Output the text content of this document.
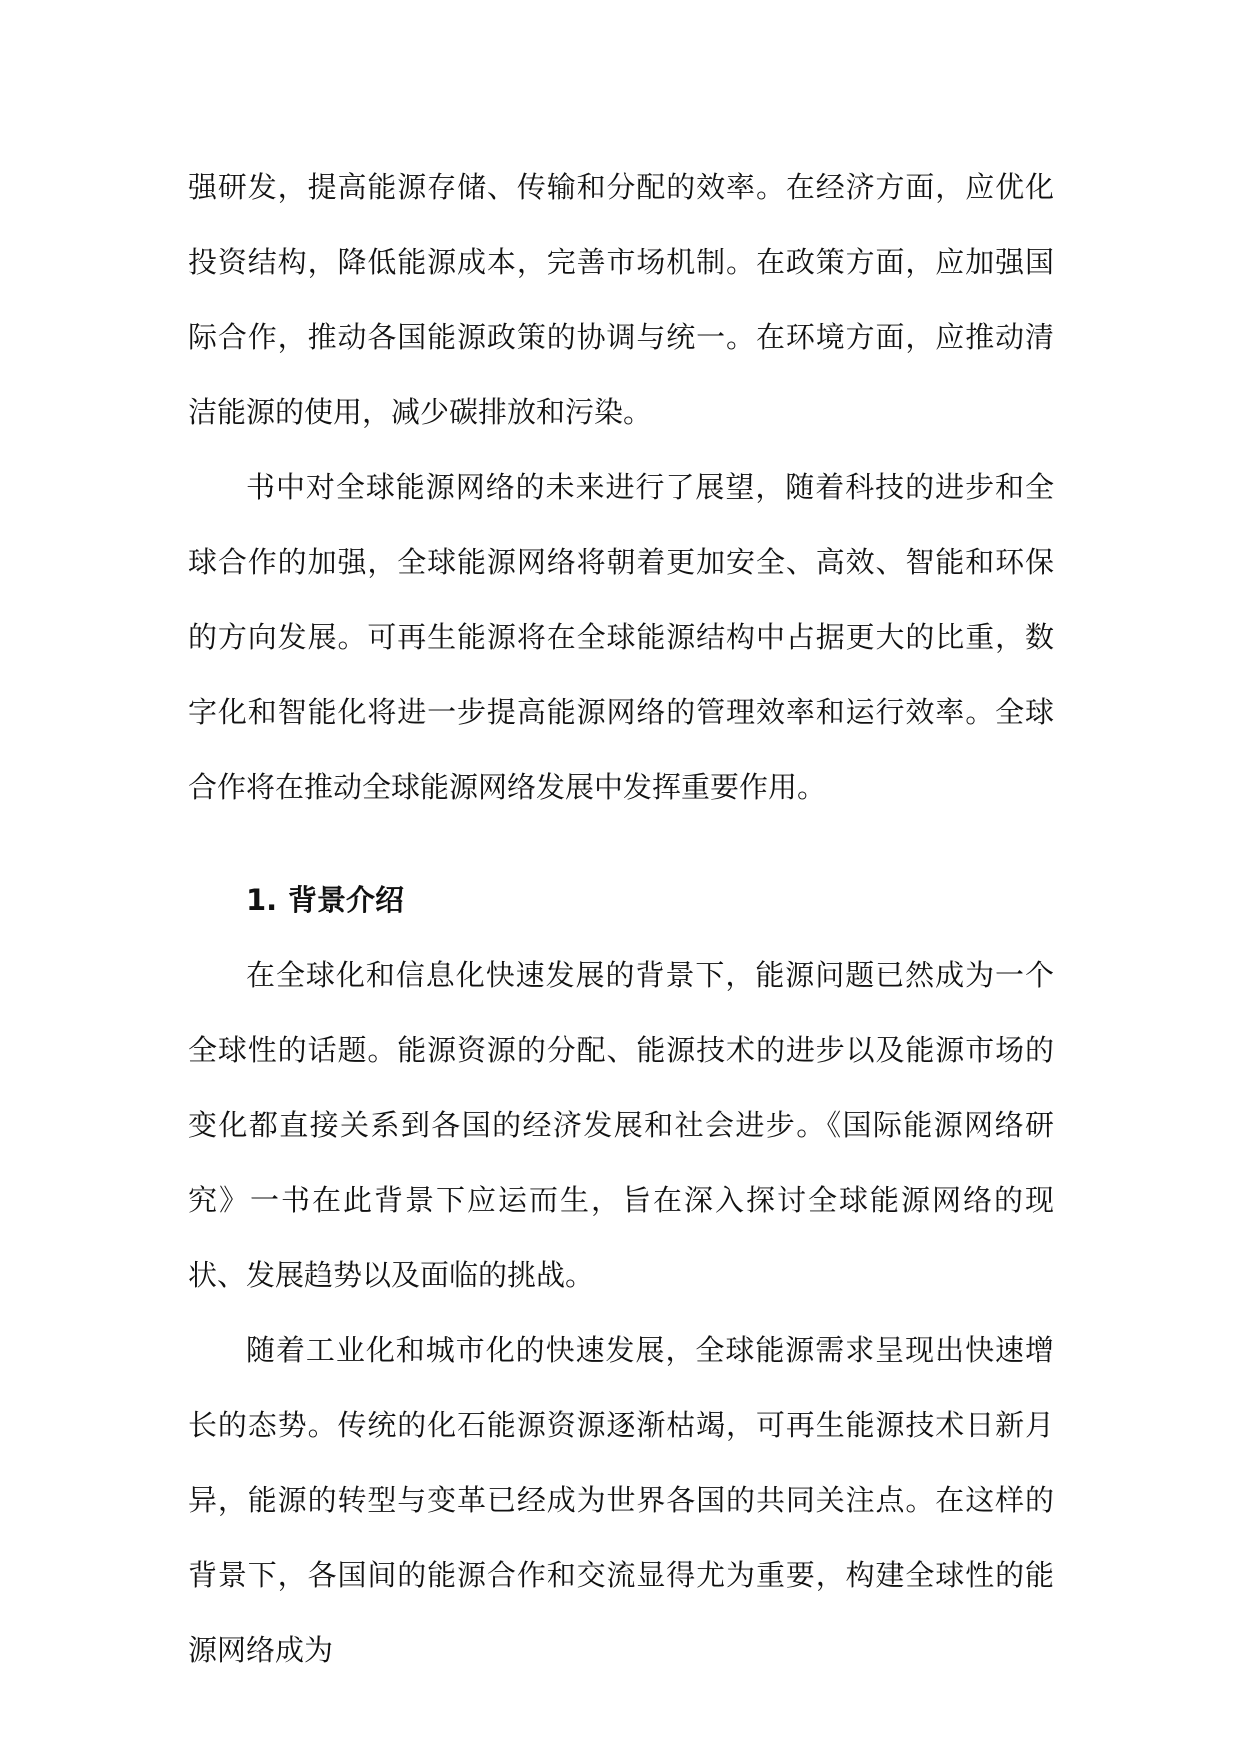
强研发，提高能源存储、传输和分配的效率。在经济方面，应优化投资结构，降低能源成本，完善市场机制。在政策方面，应加强国际合作，推动各国能源政策的协调与统一。在环境方面，应推动清洁能源的使用，减少碳排放和污染。

书中对全球能源网络的未来进行了展望，随着科技的进步和全球合作的加强，全球能源网络将朝着更加安全、高效、智能和环保的方向发展。可再生能源将在全球能源结构中占据更大的比重，数字化和智能化将进一步提高能源网络的管理效率和运行效率。全球合作将在推动全球能源网络发展中发挥重要作用。

1. 背景介绍

在全球化和信息化快速发展的背景下，能源问题已然成为一个全球性的话题。能源资源的分配、能源技术的进步以及能源市场的变化都直接关系到各国的经济发展和社会进步。《国际能源网络研究》一书在此背景下应运而生，旨在深入探讨全球能源网络的现状、发展趋势以及面临的挑战。

随着工业化和城市化的快速发展，全球能源需求呈现出快速增长的态势。传统的化石能源资源逐渐枯竭，可再生能源技术日新月异，能源的转型与变革已经成为世界各国的共同关注点。在这样的背景下，各国间的能源合作和交流显得尤为重要，构建全球性的能源网络成为
